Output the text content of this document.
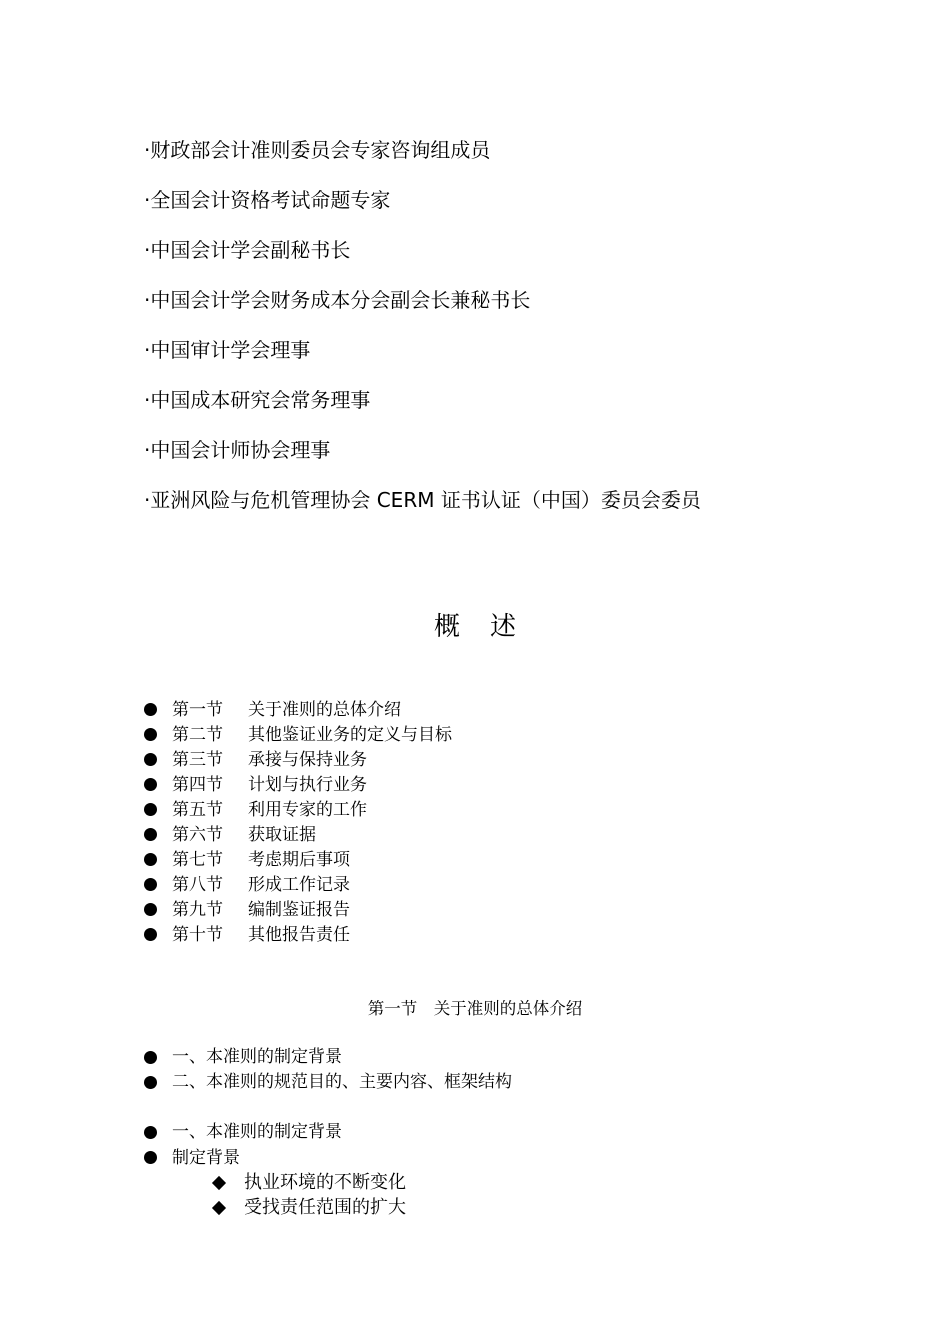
·财政部会计准则委员会专家咨询组成员
·全国会计资格考试命题专家
·中国会计学会副秘书长
·中国会计学会财务成本分会副会长兼秘书长
·中国审计学会理事
·中国成本研究会常务理事
·中国会计师协会理事
·亚洲风险与危机管理协会 CERM 证书认证（中国）委员会委员
概述
第一节	关于准则的总体介绍
第二节	其他鉴证业务的定义与目标
第三节	承接与保持业务
第四节	计划与执行业务
第五节	利用专家的工作
第六节	获取证据
第七节	考虑期后事项
第八节	形成工作记录
第九节	编制鉴证报告
第十节	其他报告责任
第一节　关于准则的总体介绍
一、本准则的制定背景
二、本准则的规范目的、主要内容、框架结构
一、本准则的制定背景
制定背景
执业环境的不断变化
受找责任范围的扩大
